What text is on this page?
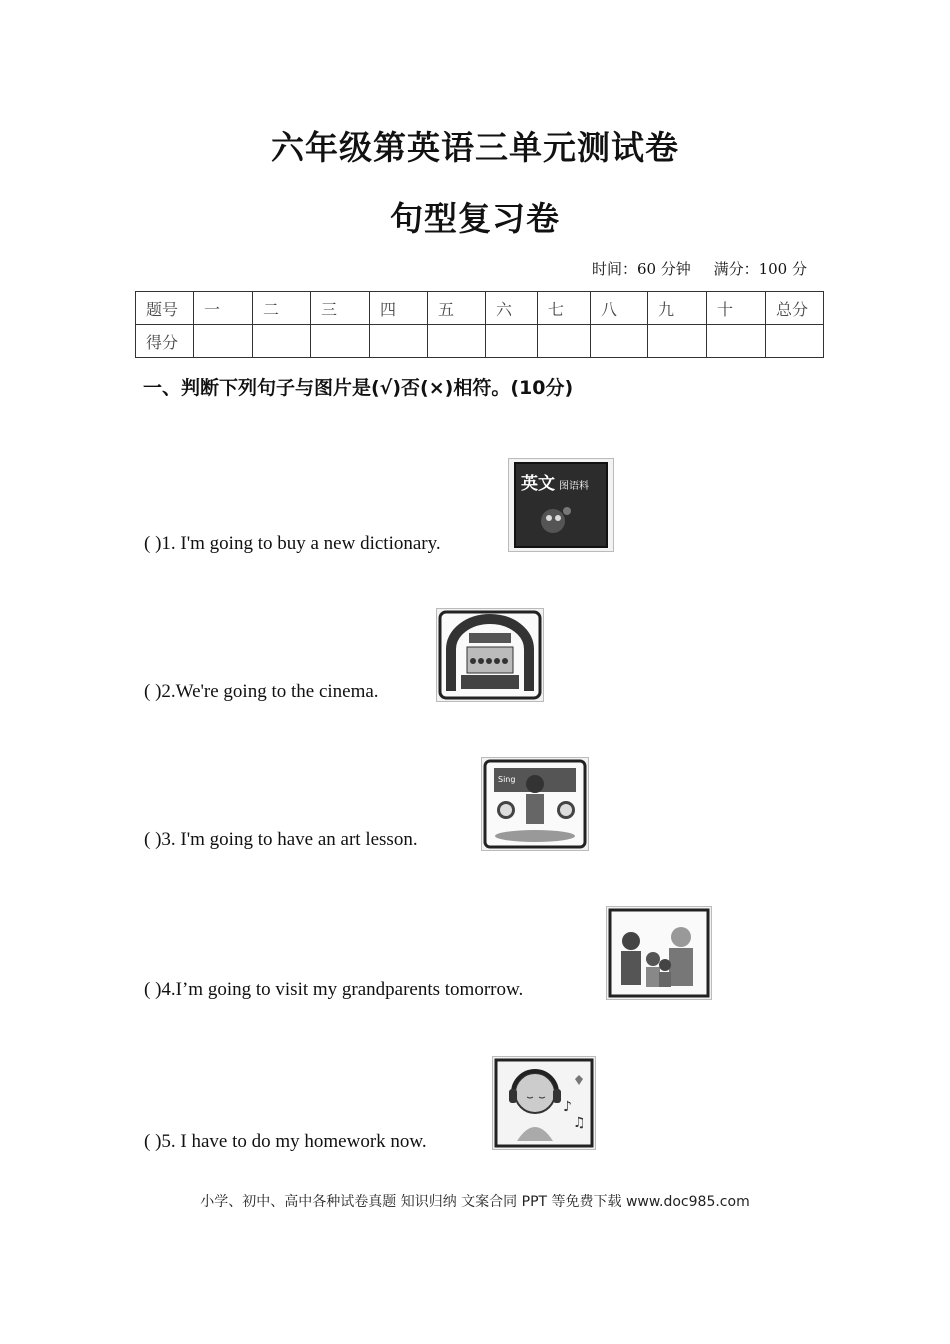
六年级第英语三单元测试卷
句型复习卷
时间：60 分钟 满分：100 分
题号	一	二	三	四	五	六	七	八	九	十	总分
得分											
一、判断下列句子与图片是(√)否(×)相符。(10分)
( )1. I'm going to buy a new dictionary.
英文 图语料
( )2.We're going to the cinema.
( )3. I'm going to have an art lesson.
Sing
( )4.I’m going to visit my grandparents tomorrow.
( )5. I have to do my homework now.
♪
♫
小学、初中、高中各种试卷真题 知识归纳 文案合同 PPT 等免费下载 www.doc985.com
